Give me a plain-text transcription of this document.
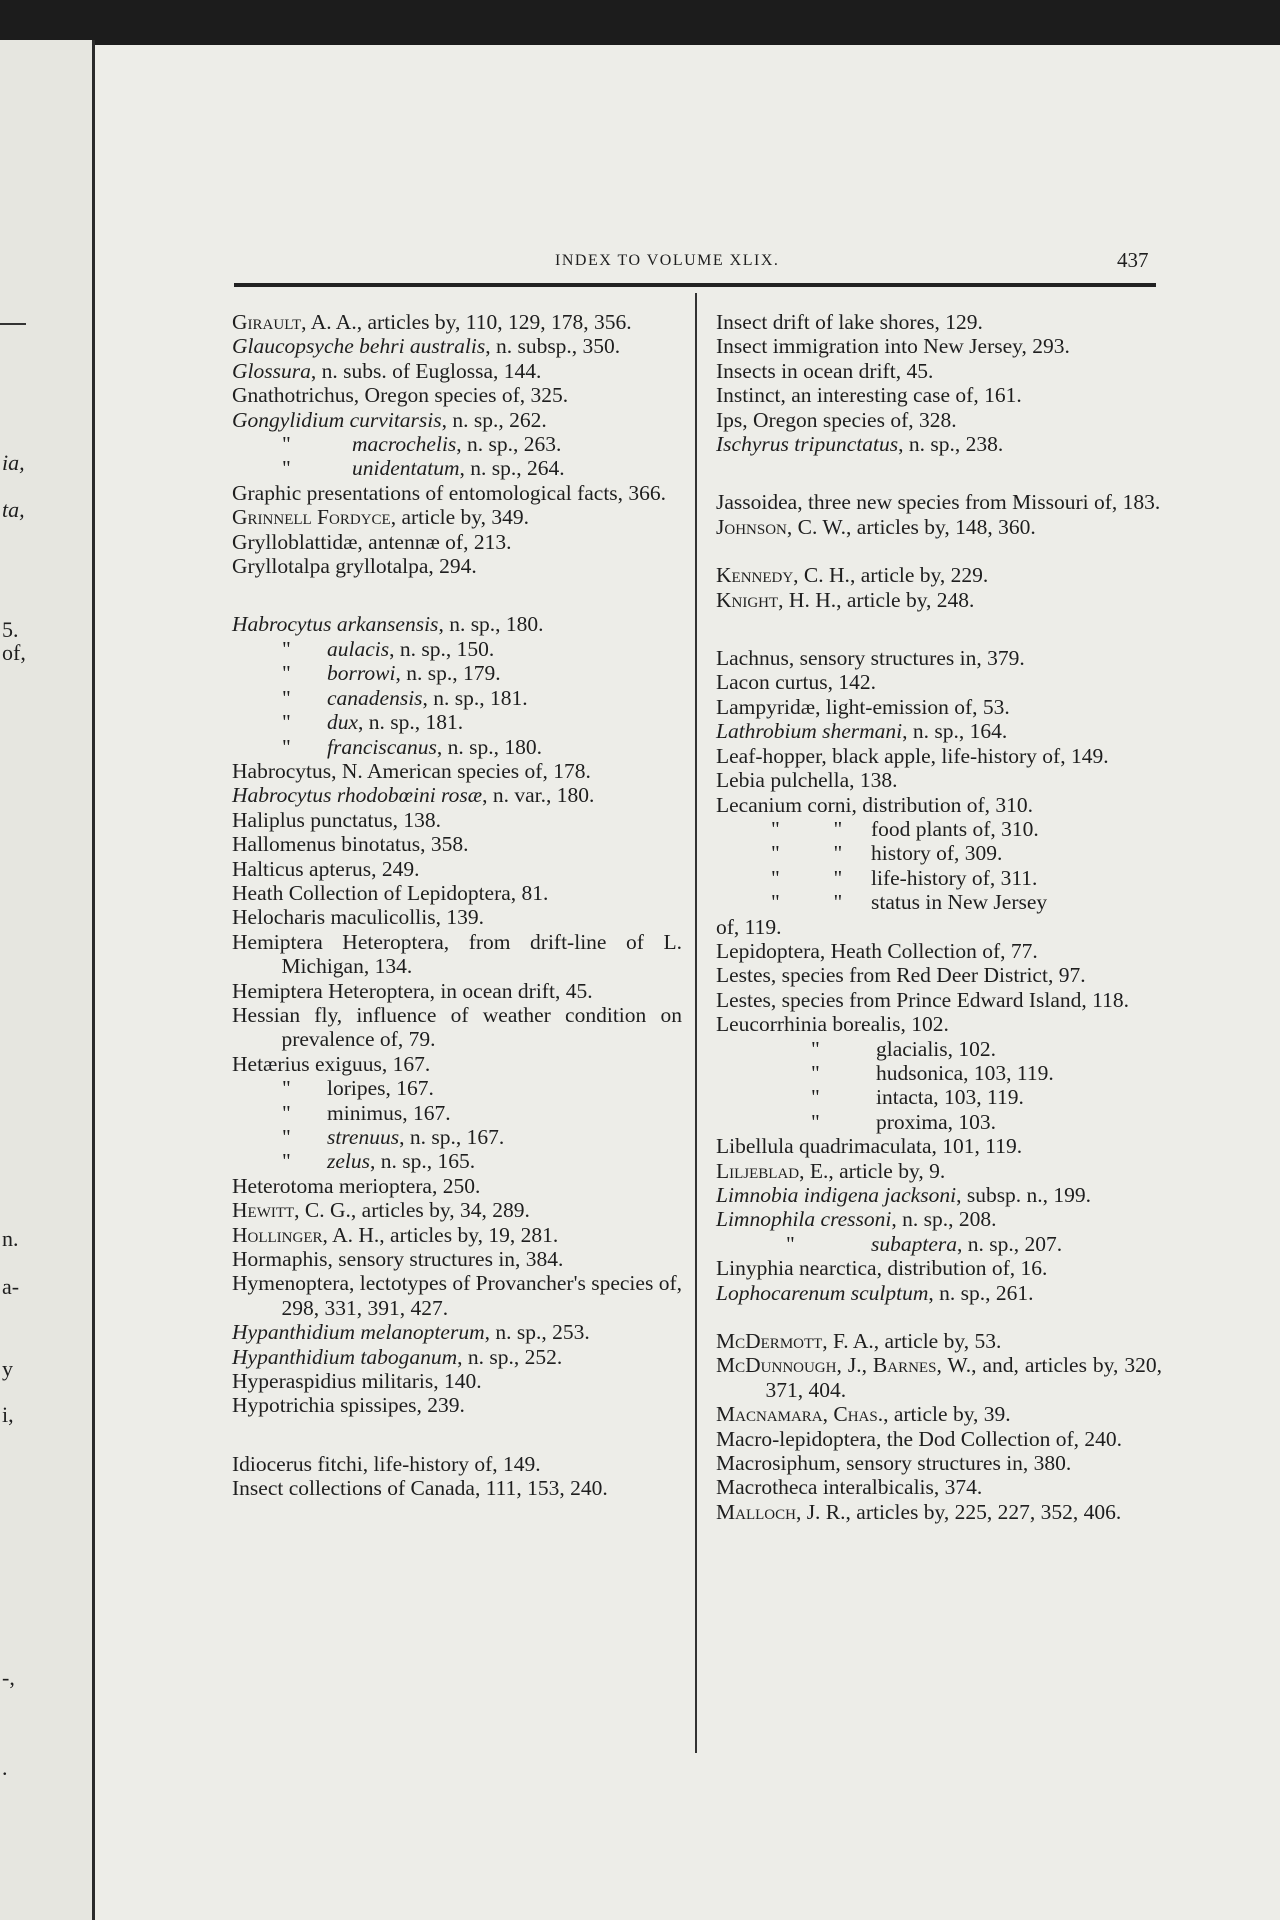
ia,
ta,
5.
of,
n.
a-
y
i,
-,
.
INDEX TO VOLUME XLIX.	437

Girault, A. A., articles by, 110, 129, 178, 356.

Glaucopsyche behri australis, n. subsp., 350.

Glossura, n. subs. of Euglossa, 144.

Gnathotrichus, Oregon species of, 325.

Gongylidium curvitarsis, n. sp., 262.

"	macrochelis, n. sp., 263.

"	unidentatum, n. sp., 264.

Graphic presentations of entomological facts, 366.

Grinnell Fordyce, article by, 349.

Grylloblattidæ, antennæ of, 213.

Gryllotalpa gryllotalpa, 294.

Habrocytus arkansensis, n. sp., 180.

" aulacis, n. sp., 150.

" borrowi, n. sp., 179.

" canadensis, n. sp., 181.

" dux, n. sp., 181.

" franciscanus, n. sp., 180.

Habrocytus, N. American species of, 178.

Habrocytus rhodobœini rosæ, n. var., 180.

Haliplus punctatus, 138.

Hallomenus binotatus, 358.

Halticus apterus, 249.

Heath Collection of Lepidoptera, 81.

Helocharis maculicollis, 139.

Hemiptera Heteroptera, from drift-line of L. Michigan, 134.

Hemiptera Heteroptera, in ocean drift, 45.

Hessian fly, influence of weather condition on prevalence of, 79.

Hetærius exiguus, 167.

" loripes, 167.

" minimus, 167.

" strenuus, n. sp., 167.

" zelus, n. sp., 165.

Heterotoma merioptera, 250.

Hewitt, C. G., articles by, 34, 289.

Hollinger, A. H., articles by, 19, 281.

Hormaphis, sensory structures in, 384.

Hymenoptera, lectotypes of Provancher's species of, 298, 331, 391, 427.

Hypanthidium melanopterum, n. sp., 253.

Hypanthidium taboganum, n. sp., 252.

Hyperaspidius militaris, 140.

Hypotrichia spissipes, 239.

Idiocerus fitchi, life-history of, 149.

Insect collections of Canada, 111, 153, 240.

Insect drift of lake shores, 129.

Insect immigration into New Jersey, 293.

Insects in ocean drift, 45.

Instinct, an interesting case of, 161.

Ips, Oregon species of, 328.

Ischyrus tripunctatus, n. sp., 238.

Jassoidea, three new species from Missouri of, 183.

Johnson, C. W., articles by, 148, 360.

Kennedy, C. H., article by, 229.

Knight, H. H., article by, 248.

Lachnus, sensory structures in, 379.

Lacon curtus, 142.

Lampyridæ, light-emission of, 53.

Lathrobium shermani, n. sp., 164.

Leaf-hopper, black apple, life-history of, 149.

Lebia pulchella, 138.

Lecanium corni, distribution of, 310.

"          " food plants of, 310.

"          " history of, 309.

"          " life-history of, 311.

"          " status in New Jersey

of, 119.

Lepidoptera, Heath Collection of, 77.

Lestes, species from Red Deer District, 97.

Lestes, species from Prince Edward Island, 118.

Leucorrhinia borealis, 102.

"	glacialis, 102.

"	hudsonica, 103, 119.

"	intacta, 103, 119.

"	proxima, 103.

Libellula quadrimaculata, 101, 119.

Liljeblad, E., article by, 9.

Limnobia indigena jacksoni, subsp. n., 199.

Limnophila cressoni, n. sp., 208.

"	subaptera, n. sp., 207.

Linyphia nearctica, distribution of, 16.

Lophocarenum sculptum, n. sp., 261.

McDermott, F. A., article by, 53.

McDunnough, J., Barnes, W., and, articles by, 320, 371, 404.

Macnamara, Chas., article by, 39.

Macro-lepidoptera, the Dod Collection of, 240.

Macrosiphum, sensory structures in, 380.

Macrotheca interalbicalis, 374.

Malloch, J. R., articles by, 225, 227, 352, 406.
